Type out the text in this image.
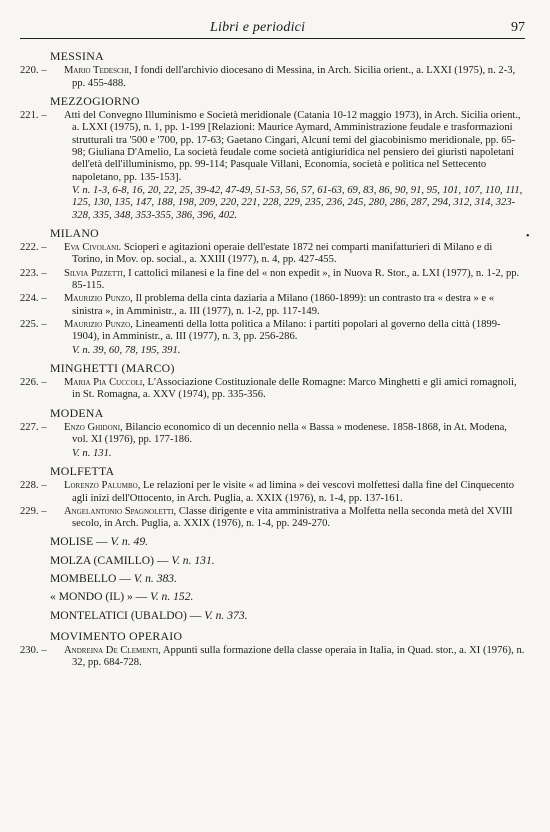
Libri e periodici	97
•
MESSINA
220. –	Mario Tedeschi, I fondi dell'archivio diocesano di Messina, in Arch. Sicilia orient., a. LXXI (1975), n. 2-3, pp. 455-488.
MEZZOGIORNO
221. –	Atti del Convegno Illuminismo e Società meridionale (Catania 10-12 maggio 1973), in Arch. Sicilia orient., a. LXXI (1975), n. 1, pp. 1-199 [Relazioni: Maurice Aymard, Amministrazione feudale e trasformazioni strutturali tra '500 e '700, pp. 17-63; Gaetano Cingari, Alcuni temi del giacobinismo meridionale, pp. 65-98; Giuliana D'Amelio, La società feudale come società antigiuridica nel pensiero dei giuristi napoletani dell'età dell'illuminismo, pp. 99-114; Pasquale Villani, Economia, società e politica nel Settecento napoletano, pp. 135-153].
V. n. 1-3, 6-8, 16, 20, 22, 25, 39-42, 47-49, 51-53, 56, 57, 61-63, 69, 83, 86, 90, 91, 95, 101, 107, 110, 111, 125, 130, 135, 147, 188, 198, 209, 220, 221, 228, 229, 235, 236, 245, 280, 286, 287, 294, 312, 314, 323-328, 335, 348, 353-355, 386, 396, 402.
MILANO
222. –	Eva Civolani. Scioperi e agitazioni operaie dell'estate 1872 nei comparti manifatturieri di Milano e di Torino, in Mov. op. social., a. XXIII (1977), n. 4, pp. 427-455.
223. –	Silvia Pizzetti, I cattolici milanesi e la fine del « non expedit », in Nuova R. Stor., a. LXI (1977), n. 1-2, pp. 85-115.
224. –	Maurizio Punzo, Il problema della cinta daziaria a Milano (1860-1899): un contrasto tra « destra » e « sinistra », in Amministr., a. III (1977), n. 1-2, pp. 117-149.
225. –	Maurizio Punzo, Lineamenti della lotta politica a Milano: i partiti popolari al governo della città (1899-1904), in Amministr., a. III (1977), n. 3, pp. 256-286.
V. n. 39, 60, 78, 195, 391.
MINGHETTI (MARCO)
226. –	Maria Pia Cuccoli, L'Associazione Costituzionale delle Romagne: Marco Minghetti e gli amici romagnoli, in St. Romagna, a. XXV (1974), pp. 335-356.
MODENA
227. –	Enzo Ghidoni, Bilancio economico di un decennio nella « Bassa » modenese. 1858-1868, in At. Modena, vol. XI (1976), pp. 177-186.
V. n. 131.
MOLFETTA
228. –	Lorenzo Palumbo, Le relazioni per le visite « ad limina » dei vescovi molfettesi dalla fine del Cinquecento agli inizi dell'Ottocento, in Arch. Puglia, a. XXIX (1976), n. 1-4, pp. 137-161.
229. –	Angelantonio Spagnoletti, Classe dirigente e vita amministrativa a Molfetta nella seconda metà del XVIII secolo, in Arch. Puglia, a. XXIX (1976), n. 1-4, pp. 249-270.
MOLISE — V. n. 49.
MOLZA (CAMILLO) — V. n. 131.
MOMBELLO — V. n. 383.
« MONDO (IL) » — V. n. 152.
MONTELATICI (UBALDO) — V. n. 373.
MOVIMENTO OPERAIO
230. –	Andreina De Clementi, Appunti sulla formazione della classe operaia in Italia, in Quad. stor., a. XI (1976), n. 32, pp. 684-728.
